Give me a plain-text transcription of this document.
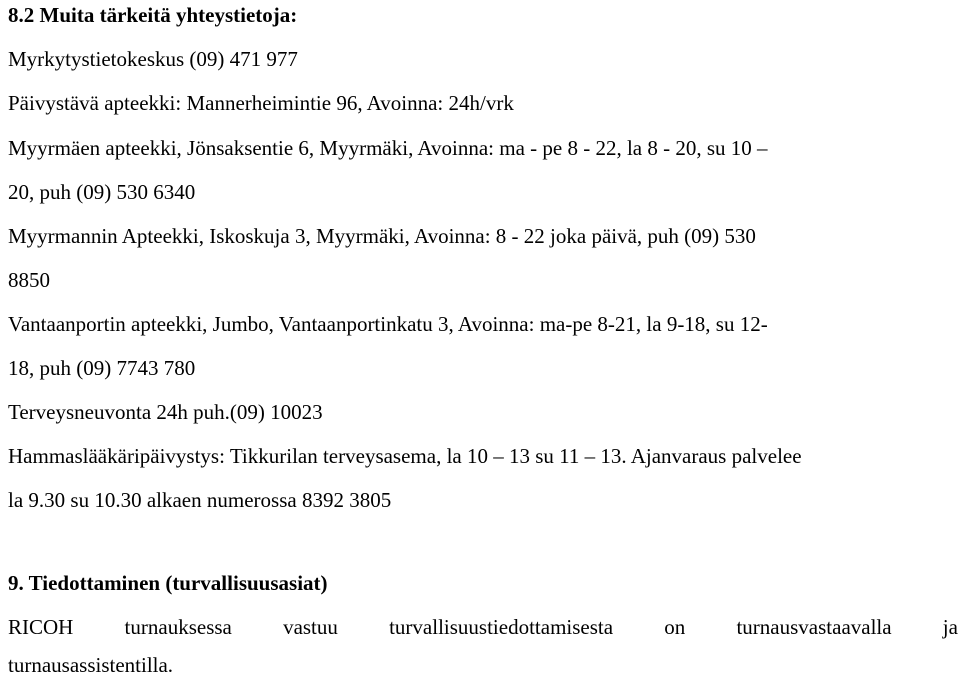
8.2 Muita tärkeitä yhteystietoja:
Myrkytystietokeskus (09) 471 977
Päivystävä apteekki: Mannerheimintie 96, Avoinna: 24h/vrk
Myyrmäen apteekki, Jönsaksentie 6, Myyrmäki, Avoinna: ma - pe 8 - 22, la 8 - 20, su 10 –
20, puh (09) 530 6340
Myyrmannin Apteekki, Iskoskuja 3, Myyrmäki, Avoinna: 8 - 22 joka päivä, puh (09) 530
8850
Vantaanportin apteekki, Jumbo, Vantaanportinkatu 3, Avoinna: ma-pe 8-21, la 9-18, su 12-
18, puh (09) 7743 780
Terveysneuvonta 24h puh.(09) 10023
Hammaslääkäripäivystys: Tikkurilan terveysasema, la 10 – 13 su 11 – 13. Ajanvaraus palvelee
la 9.30 su 10.30 alkaen numerossa 8392 3805
9. Tiedottaminen (turvallisuusasiat)
RICOH turnauksessa vastuu turvallisuustiedottamisesta on turnausvastaavalla ja
turnausassistentilla.
